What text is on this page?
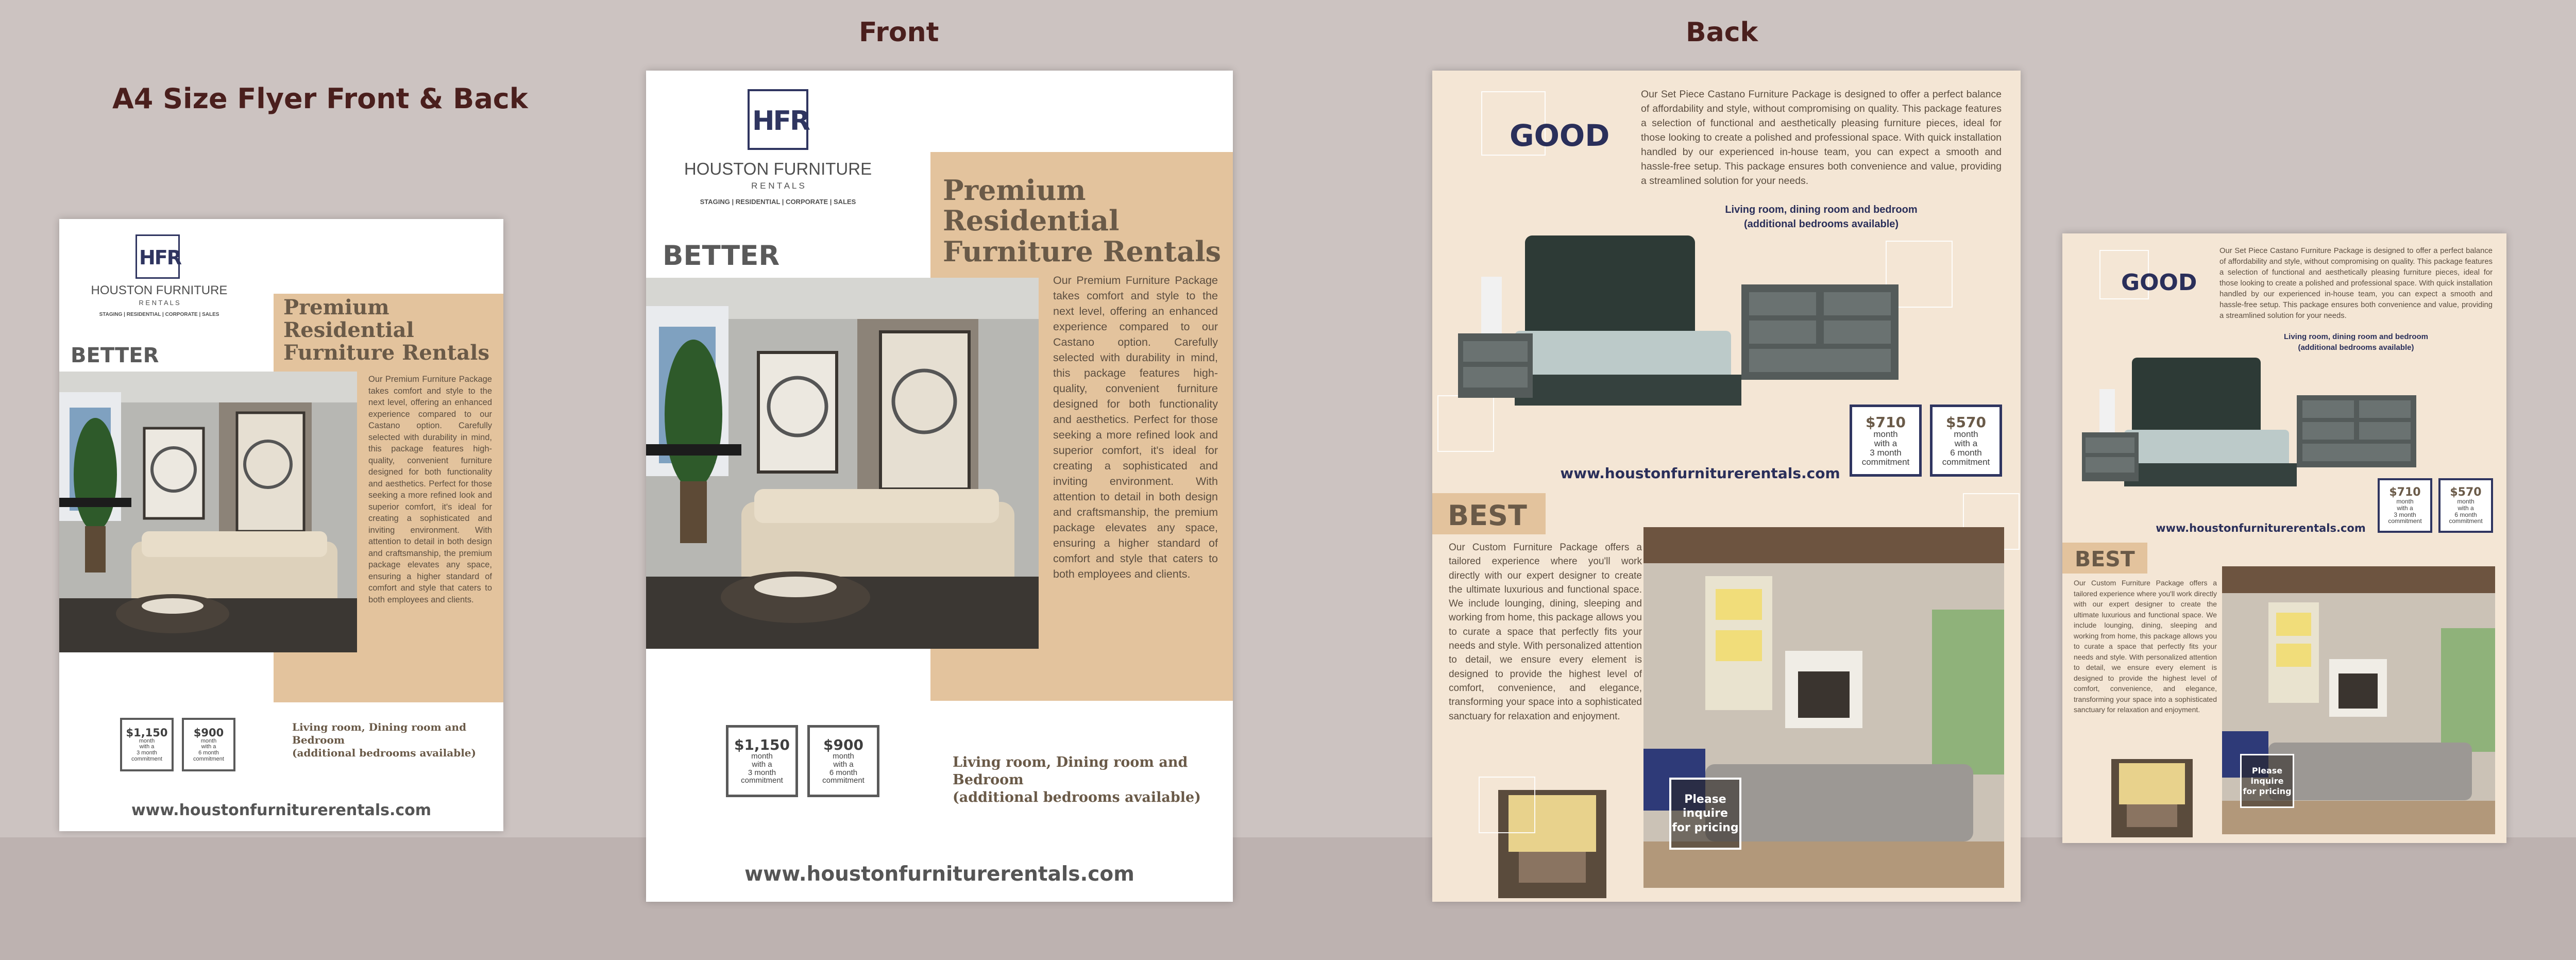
A4 Size Flyer Front & Back
Front	Back
HFR
HOUSTON FURNITURE
R E N T A L S
STAGING | RESIDENTIAL | CORPORATE | SALES	Premium Residential
Furniture Rentals
BETTER
Our Premium Furniture Package takes comfort and style to the next level, offering an enhanced experience compared to our Castano option. Carefully selected with durability in mind, this package features high-quality, convenient furniture designed for both functionality and aesthetics. Perfect for those seeking a more refined look and superior comfort, it's ideal for creating a sophisticated and inviting environment. With attention to detail in both design and craftsmanship, the premium package elevates any space, ensuring a higher standard of comfort and style that caters to both employees and clients.
$1,150
month
with a
3 month
commitment
$900
month
with a
6 month
commitment
Living room, Dining room and Bedroom
(additional bedrooms available)
www.houstonfurniturerentals.com
HFR
HOUSTON FURNITURE
R E N T A L S
STAGING | RESIDENTIAL | CORPORATE | SALES	Premium Residential
Furniture Rentals
BETTER
Our Premium Furniture Package takes comfort and style to the next level, offering an enhanced experience compared to our Castano option. Carefully selected with durability in mind, this package features high-quality, convenient furniture designed for both functionality and aesthetics. Perfect for those seeking a more refined look and superior comfort, it's ideal for creating a sophisticated and inviting environment. With attention to detail in both design and craftsmanship, the premium package elevates any space, ensuring a higher standard of comfort and style that caters to both employees and clients.
$1,150
month
with a
3 month
commitment
$900
month
with a
6 month
commitment
Living room, Dining room and Bedroom
(additional bedrooms available)
www.houstonfurniturerentals.com
GOOD
Our Set Piece Castano Furniture Package is designed to offer a perfect balance of affordability and style, without compromising on quality. This package features a selection of functional and aesthetically pleasing furniture pieces, ideal for those looking to create a polished and professional space. With quick installation handled by our experienced in-house team, you can expect a smooth and hassle-free setup. This package ensures both convenience and value, providing a streamlined solution for your needs.
Living room, dining room and bedroom
(additional bedrooms available)
$710
month
with a
3 month
commitment
$570
month
with a
6 month
commitment
www.houstonfurniturerentals.com
BEST
Our Custom Furniture Package offers a tailored experience where you'll work directly with our expert designer to create the ultimate luxurious and functional space. We include lounging, dining, sleeping and working from home, this package allows you to curate a space that perfectly fits your needs and style. With personalized attention to detail, we ensure every element is designed to provide the highest level of comfort, convenience, and elegance, transforming your space into a sophisticated sanctuary for relaxation and enjoyment.
Please
inquire
for pricing
GOOD
Our Set Piece Castano Furniture Package is designed to offer a perfect balance of affordability and style, without compromising on quality. This package features a selection of functional and aesthetically pleasing furniture pieces, ideal for those looking to create a polished and professional space. With quick installation handled by our experienced in-house team, you can expect a smooth and hassle-free setup. This package ensures both convenience and value, providing a streamlined solution for your needs.
Living room, dining room and bedroom
(additional bedrooms available)
$710
month
with a
3 month
commitment
$570
month
with a
6 month
commitment
www.houstonfurniturerentals.com
BEST
Our Custom Furniture Package offers a tailored experience where you'll work directly with our expert designer to create the ultimate luxurious and functional space. We include lounging, dining, sleeping and working from home, this package allows you to curate a space that perfectly fits your needs and style. With personalized attention to detail, we ensure every element is designed to provide the highest level of comfort, convenience, and elegance, transforming your space into a sophisticated sanctuary for relaxation and enjoyment.
Please
inquire
for pricing
